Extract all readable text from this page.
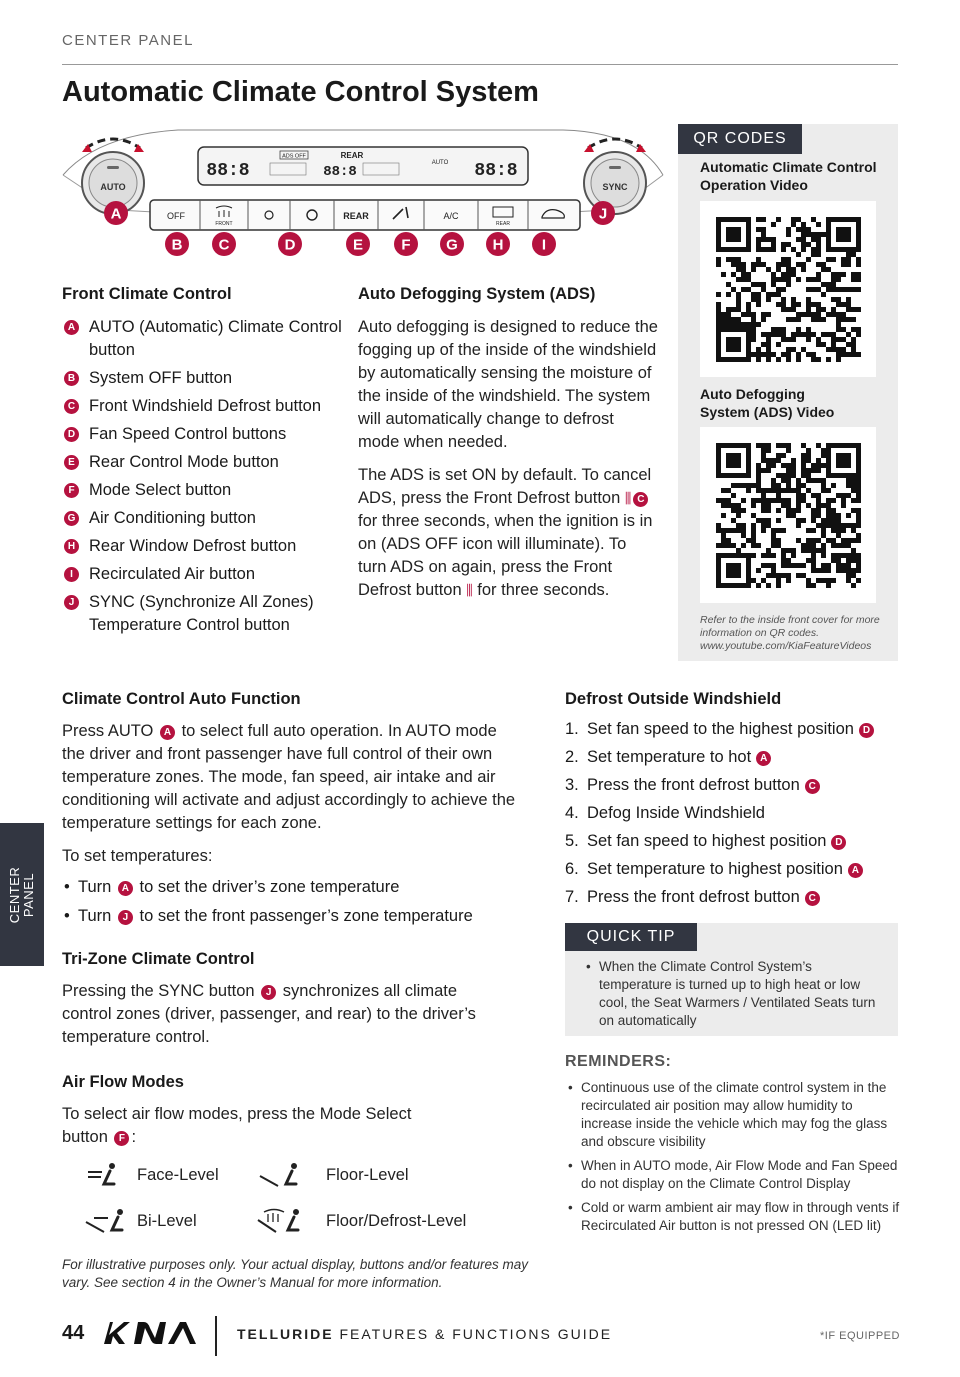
CENTER PANEL
Automatic Climate Control System
AUTO	SYNC
88:8
ADS OFF	REAR
88:8
AUTO 88:8
OFF
FRONT
REAR	A/C
REAR
A
B C	D	E	F G H	I
J
Front Climate Control
A AUTO (Automatic) Climate Control button
B System OFF button
C Front Windshield Defrost button
D Fan Speed Control buttons
E Rear Control Mode button
F Mode Select button
G Air Conditioning button
H Rear Window Defrost button
I Recirculated Air button
J SYNC (Synchronize All Zones) Temperature Control button
Auto Defogging System (ADS)
Auto defogging is designed to reduce the fogging up of the inside of the windshield by automatically sensing the moisture of the inside of the windshield. The system will automatically change to defrost mode when needed.
The ADS is set ON by default. To cancel ADS, press the Front Defrost button ⫼ C for three seconds, when the ignition is in on (ADS OFF icon will illuminate). To turn ADS on again, press the Front Defrost button ⫼ for three seconds.
QR CODES
Automatic Climate Control Operation Video
Auto Defogging System (ADS) Video
Refer to the inside front cover for more information on QR codes. www.youtube.com/KiaFeatureVideos
Climate Control Auto Function
Press AUTO A to select full auto operation. In AUTO mode the driver and front passenger have full control of their own temperature zones. The mode, fan speed, air intake and air conditioning will activate and adjust accordingly to achieve the temperature settings for each zone.
To set temperatures:
• Turn A to set the driver’s zone temperature
• Turn J to set the front passenger’s zone temperature
Tri-Zone Climate Control
Pressing the SYNC button J synchronizes all climate control zones (driver, passenger, and rear) to the driver’s temperature control.
Air Flow Modes
To select air flow modes, press the Mode Select button F :
Face-Level	Floor-Level
Bi-Level	Floor/Defrost-Level
For illustrative purposes only. Your actual display, buttons and/or features may vary. See section 4 in the Owner’s Manual for more information.
Defrost Outside Windshield
1. Set fan speed to the highest position D
2. Set temperature to hot A
3. Press the front defrost button C
4. Defog Inside Windshield
5. Set fan speed to highest position D
6. Set temperature to highest position A
7. Press the front defrost button C
QUICK TIP
• When the Climate Control System’s temperature is turned up to high heat or low cool, the Seat Warmers / Ventilated Seats turn on automatically
REMINDERS:
• Continuous use of the climate control system in the recirculated air position may allow humidity to increase inside the vehicle which may fog the glass and obscure visibility
• When in AUTO mode, Air Flow Mode and Fan Speed do not display on the Climate Control Display
• Cold or warm ambient air may flow in through vents if Recirculated Air button is not pressed ON (LED lit)
CENTER PANEL
44	TELLURIDE FEATURES & FUNCTIONS GUIDE	*IF EQUIPPED
